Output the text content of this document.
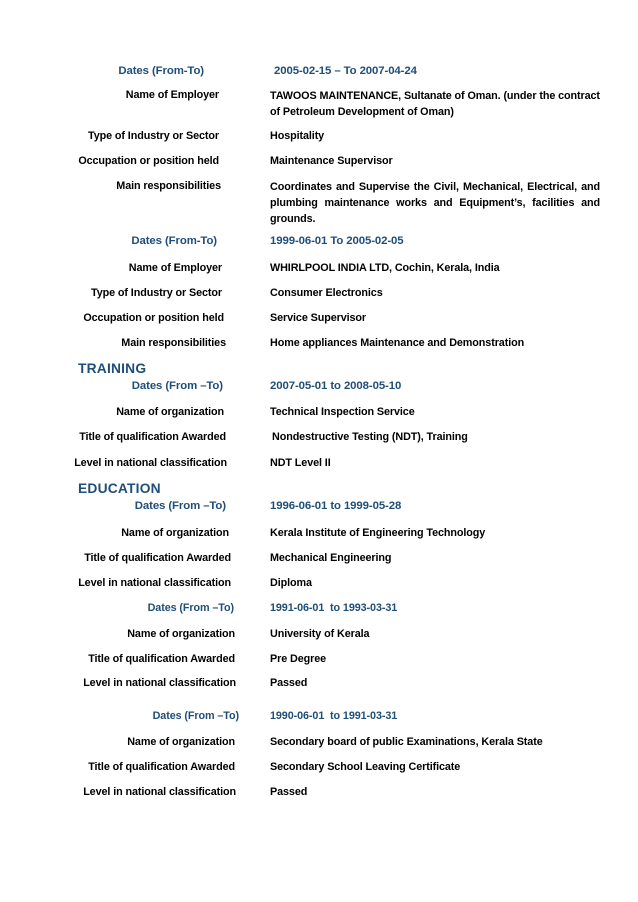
Dates (From-To)	2005-02-15 – To 2007-04-24
Name of Employer	TAWOOS MAINTENANCE, Sultanate of Oman. (under the contract of Petroleum Development of Oman)
Type of Industry or Sector	Hospitality
Occupation or position held	Maintenance Supervisor
Main responsibilities	Coordinates and Supervise the Civil, Mechanical, Electrical, and plumbing maintenance works and Equipment’s, facilities and grounds.
Dates (From-To)	1999-06-01 To 2005-02-05
Name of Employer	WHIRLPOOL INDIA LTD, Cochin, Kerala, India
Type of Industry or Sector	Consumer Electronics
Occupation or position held	Service Supervisor
Main responsibilities	Home appliances Maintenance and Demonstration
TRAINING
Dates (From –To)	2007-05-01 to 2008-05-10
Name of organization	Technical Inspection Service
Title of qualification Awarded	Nondestructive Testing (NDT), Training
Level in national classification	NDT Level II
EDUCATION
Dates (From –To)	1996-06-01 to 1999-05-28
Name of organization	Kerala Institute of Engineering Technology
Title of qualification Awarded	Mechanical Engineering
Level in national classification	Diploma
Dates (From –To)	1991-06-01  to 1993-03-31
Name of organization	University of Kerala
Title of qualification Awarded	Pre Degree
Level in national classification	Passed
Dates (From –To)	1990-06-01  to 1991-03-31
Name of organization	Secondary board of public Examinations, Kerala State
Title of qualification Awarded	Secondary School Leaving Certificate
Level in national classification	Passed
